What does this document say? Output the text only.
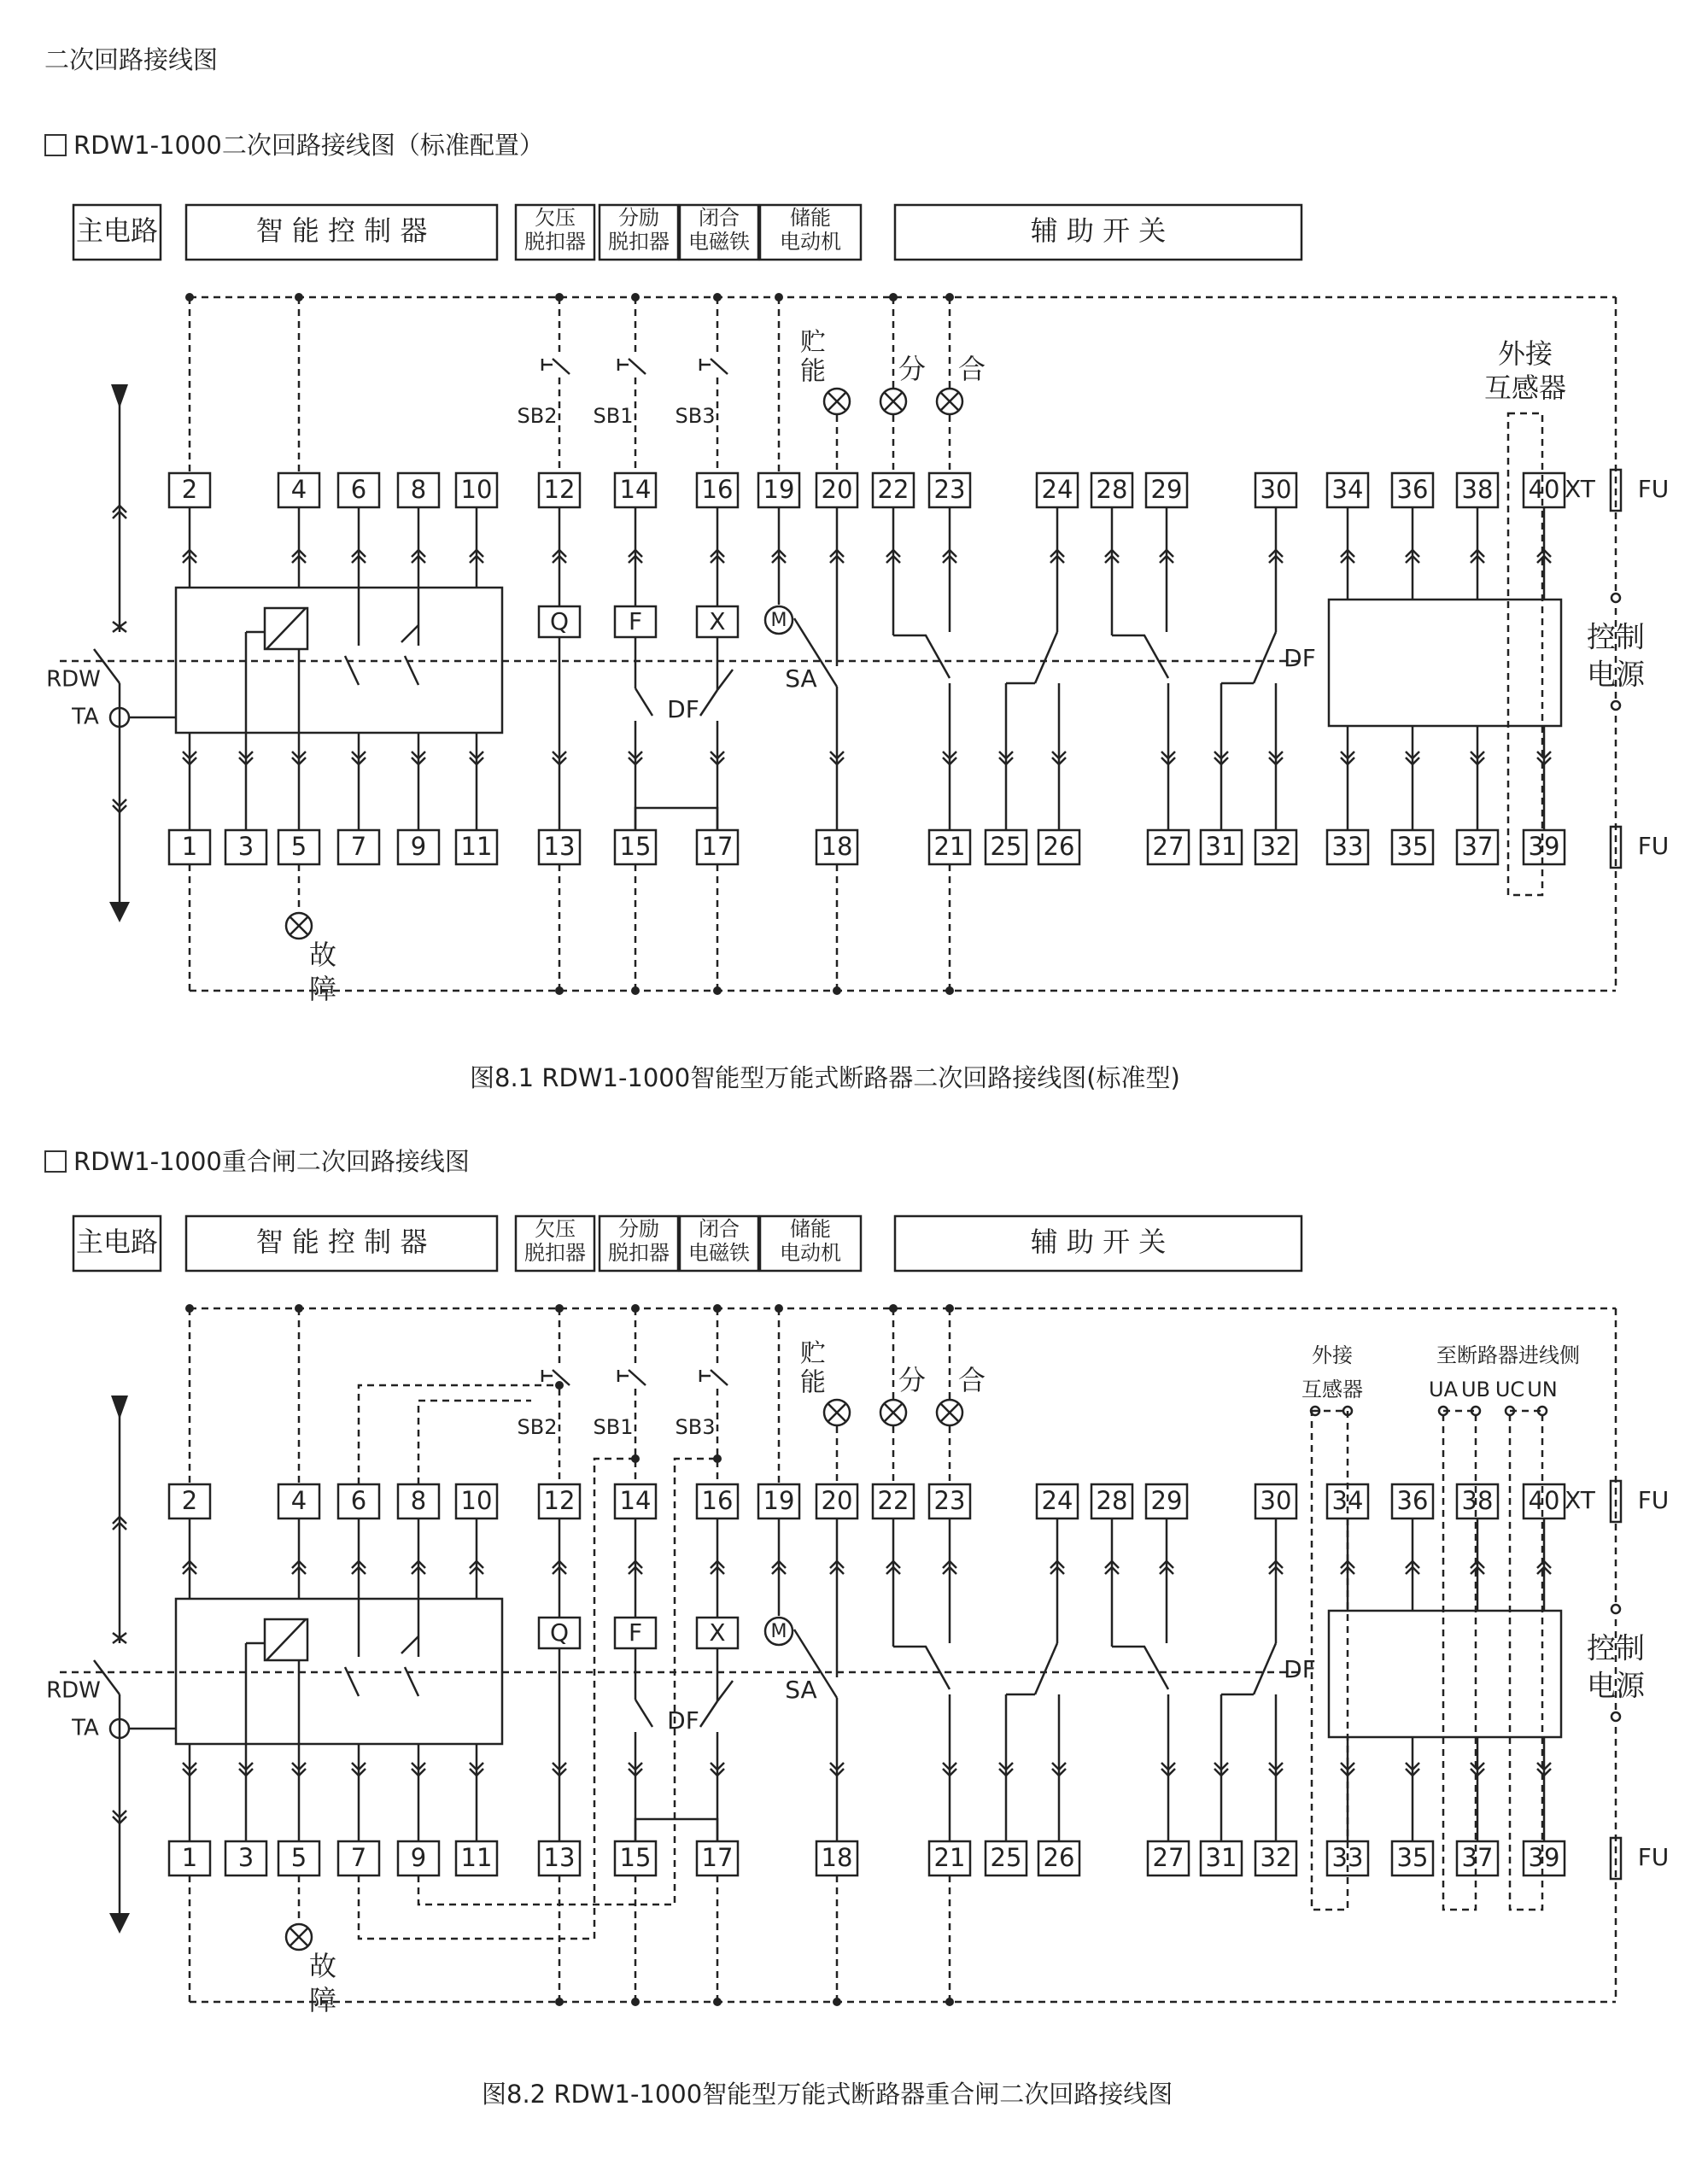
二次回路接线图
RDW1-1000二次回路接线图（标准配置）
RDW1-1000重合闸二次回路接线图
主电路	智 能 控 制 器	欠压
脱扣器
分励
脱扣器
闭合
电磁铁
储能
电动机	辅 助 开 关
2	4 6 8 10 12 14 16 19 20 22 23	24 28 29	30 34 36 38 40
1 3 5 7 9 11 13 15 17	18	21 25 26	27 31 32 33 35 37 39
SB2 SB1 SB3
贮
能	分 合	外接
互感器
XT FU
FU
控制
电源
RDW
TA
故
障
Q F	X
DF
M
SA
DF
主电路	智 能 控 制 器	欠压
脱扣器
分励
脱扣器
闭合
电磁铁
储能
电动机	辅 助 开 关
2	4 6 8 10 12 14 16 19 20 22 23	24 28 29	30 34 36 38 40
1 3 5 7 9 11 13 15 17	18	21 25 26	27 31 32 33 35 37 39
SB2 SB1 SB3
贮
能	分 合
外接
互感器
至断路器进线侧
UA UB UC UN
XT FU
FU
控制
电源
RDW
TA
故
障
Q F	X
DF
M
SA
DF
图8.1 RDW1-1000智能型万能式断路器二次回路接线图(标准型)
图8.2 RDW1-1000智能型万能式断路器重合闸二次回路接线图
